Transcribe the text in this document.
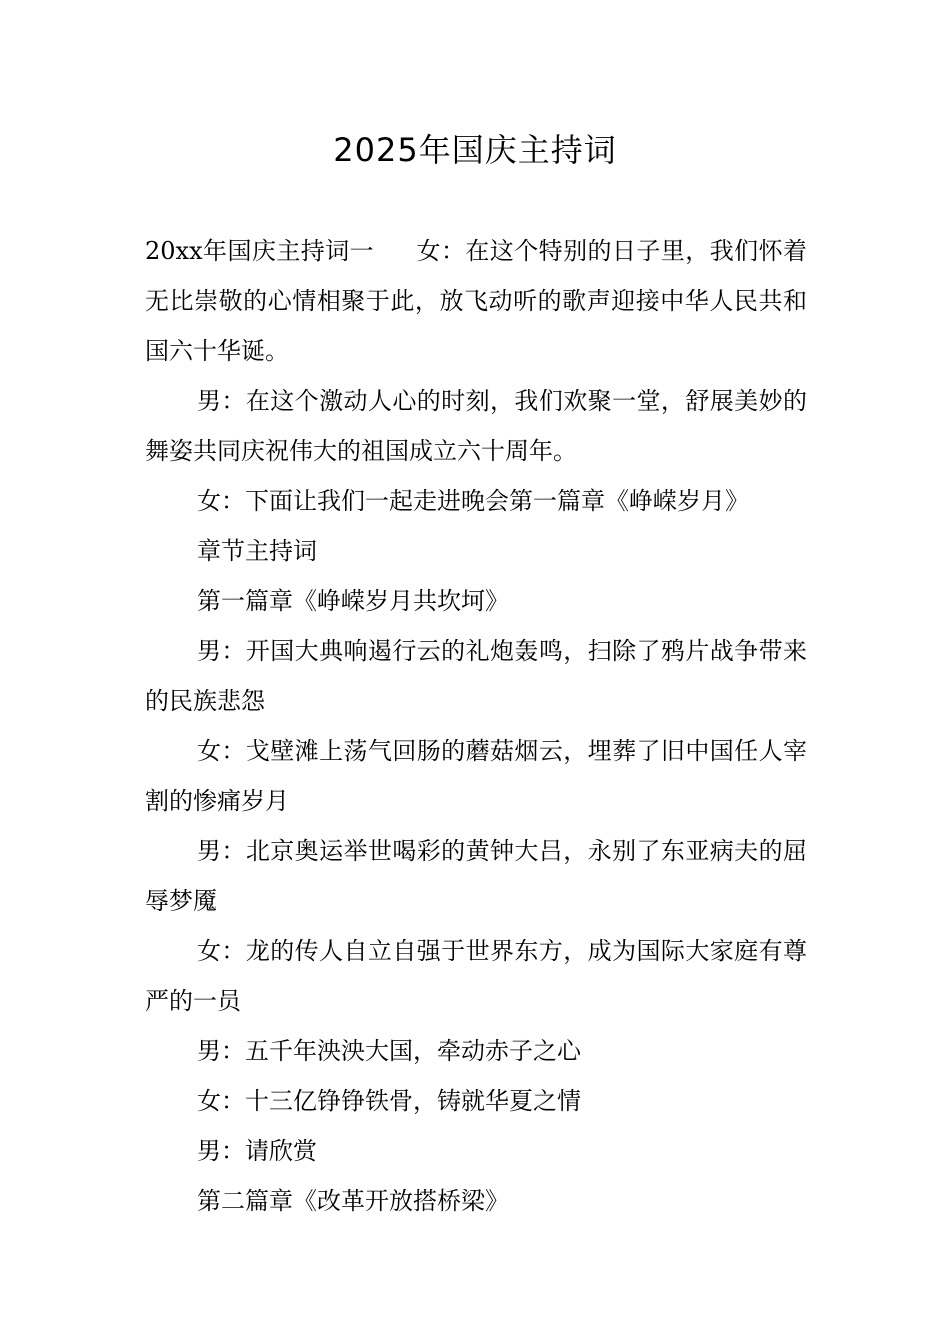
2025年国庆主持词

20xx年国庆主持词一 女：在这个特别的日子里，我们怀着无比崇敬的心情相聚于此，放飞动听的歌声迎接中华人民共和国六十华诞。

男：在这个激动人心的时刻，我们欢聚一堂，舒展美妙的舞姿共同庆祝伟大的祖国成立六十周年。

女：下面让我们一起走进晚会第一篇章《峥嵘岁月》

章节主持词

第一篇章《峥嵘岁月共坎坷》

男：开国大典响遏行云的礼炮轰鸣，扫除了鸦片战争带来的民族悲怨

女：戈壁滩上荡气回肠的蘑菇烟云，埋葬了旧中国任人宰割的惨痛岁月

男：北京奥运举世喝彩的黄钟大吕，永别了东亚病夫的屈辱梦魇

女：龙的传人自立自强于世界东方，成为国际大家庭有尊严的一员

男：五千年泱泱大国，牵动赤子之心

女：十三亿铮铮铁骨，铸就华夏之情

男：请欣赏

第二篇章《改革开放搭桥梁》
